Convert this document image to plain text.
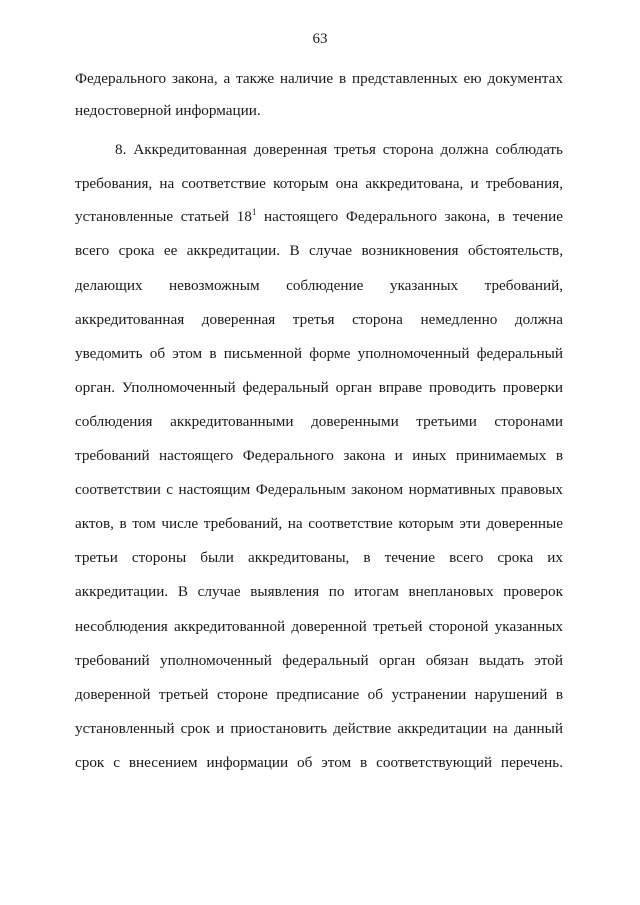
63
Федерального закона, а также наличие в представленных ею документах
недостоверной информации.
8. Аккредитованная доверенная третья сторона должна соблюдать
требования, на соответствие которым она аккредитована, и требования,
установленные статьей $18^1$ настоящего Федерального закона, в течение
всего срока ее аккредитации. В случае возникновения обстоятельств,
делающих невозможным соблюдение указанных требований,
аккредитованная доверенная третья сторона немедленно должна
уведомить об этом в письменной форме уполномоченный федеральный
орган. Уполномоченный федеральный орган вправе проводить проверки
соблюдения аккредитованными доверенными третьими сторонами
требований настоящего Федерального закона и иных принимаемых в
соответствии с настоящим Федеральным законом нормативных правовых
актов, в том числе требований, на соответствие которым эти доверенные
третьи стороны были аккредитованы, в течение всего срока их
аккредитации. В случае выявления по итогам внеплановых проверок
несоблюдения аккредитованной доверенной третьей стороной указанных
требований уполномоченный федеральный орган обязан выдать этой
доверенной третьей стороне предписание об устранении нарушений в
установленный срок и приостановить действие аккредитации на данный
срок с внесением информации об этом в соответствующий перечень.
